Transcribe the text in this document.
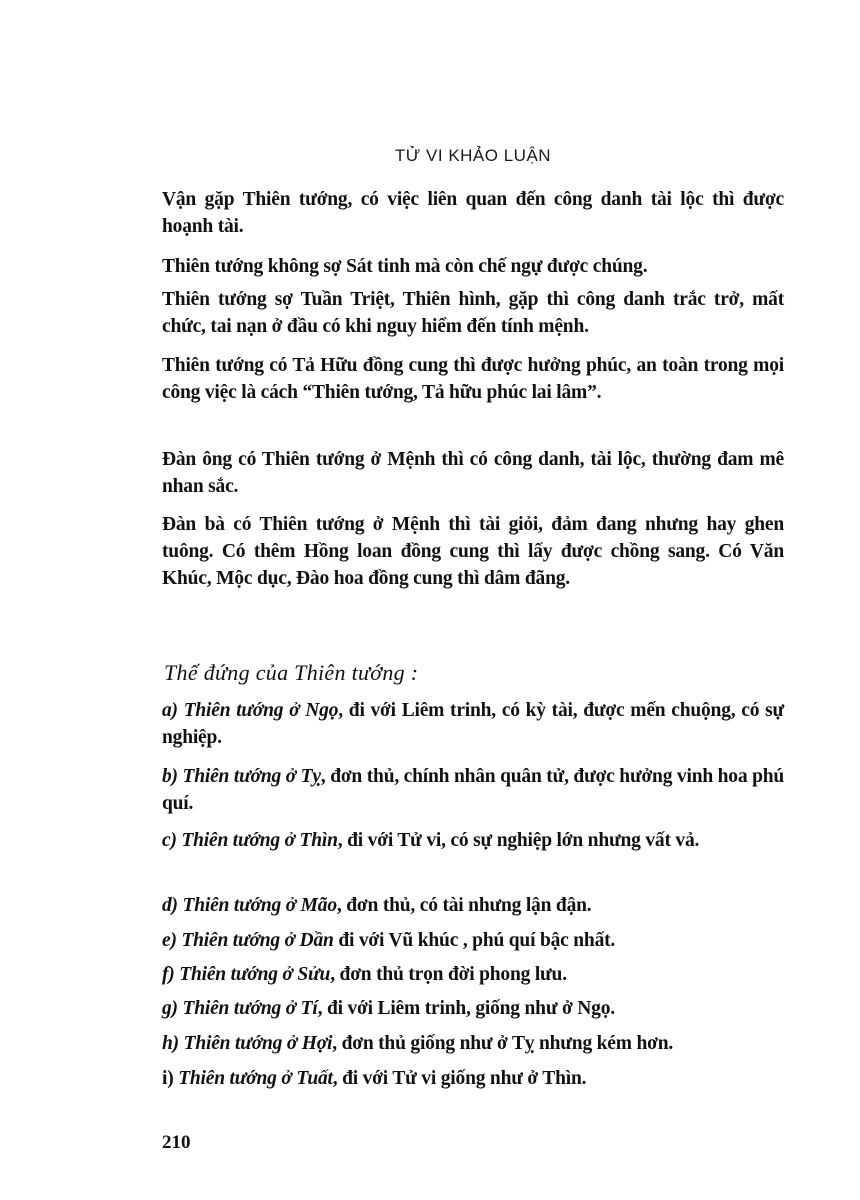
TỬ VI KHẢO LUẬN

Vận gặp Thiên tướng, có việc liên quan đến công danh tài lộc thì được hoạnh tài.

Thiên tướng không sợ Sát tinh mà còn chế ngự được chúng.

Thiên tướng sợ Tuần Triệt, Thiên hình, gặp thì công danh trắc trở, mất chức, tai nạn ở đầu có khi nguy hiểm đến tính mệnh.

Thiên tướng có Tả Hữu đồng cung thì được hưởng phúc, an toàn trong mọi công việc là cách “Thiên tướng, Tả hữu phúc lai lâm”.

Đàn ông có Thiên tướng ở Mệnh thì có công danh, tài lộc, thường đam mê nhan sắc.

Đàn bà có Thiên tướng ở Mệnh thì tài giỏi, đảm đang nhưng hay ghen tuông. Có thêm Hồng loan đồng cung thì lấy được chồng sang. Có Văn Khúc, Mộc dục, Đào hoa đồng cung thì dâm đãng.

Thế đứng của Thiên tướng :

a) Thiên tướng ở Ngọ, đi với Liêm trinh, có kỳ tài, được mến chuộng, có sự nghiệp.

b) Thiên tướng ở Tỵ, đơn thủ, chính nhân quân tử, được hưởng vinh hoa phú quí.

c) Thiên tướng ở Thìn, đi với Tử vi, có sự nghiệp lớn nhưng vất vả.

d) Thiên tướng ở Mão, đơn thủ, có tài nhưng lận đận.

e) Thiên tướng ở Dần đi với Vũ khúc , phú quí bậc nhất.

f) Thiên tướng ở Sửu, đơn thủ trọn đời phong lưu.

g) Thiên tướng ở Tí, đi với Liêm trinh, giống như ở Ngọ.

h) Thiên tướng ở Hợi, đơn thủ giống như ở Tỵ nhưng kém hơn.

i) Thiên tướng ở Tuất, đi với Tử vi giống như ở Thìn.

210
